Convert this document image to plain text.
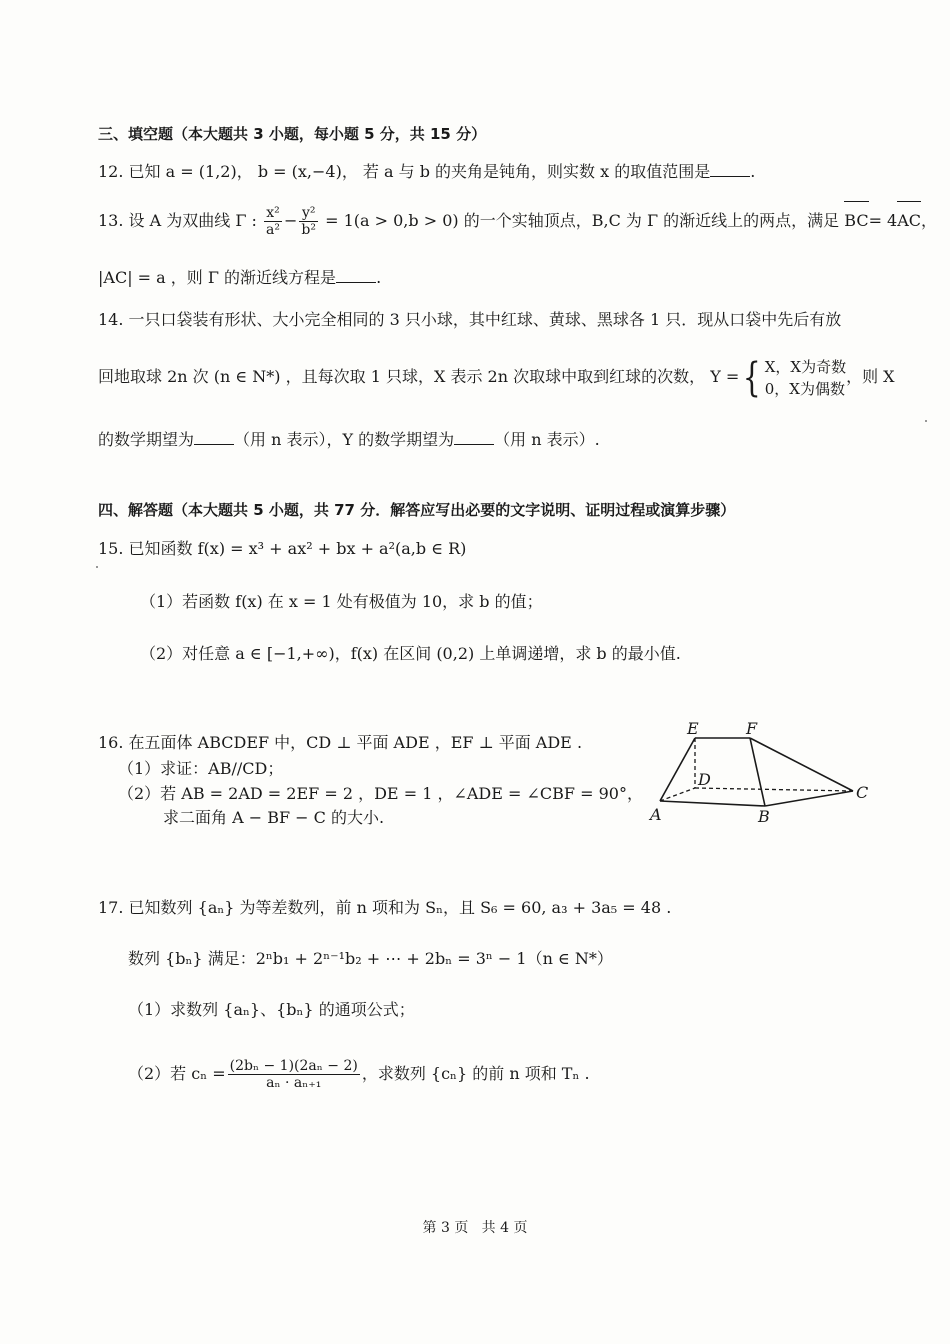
三、填空题（本大题共 3 小题，每小题 5 分，共 15 分）
12. 已知 a = (1,2)， b = (x,−4)， 若 a 与 b 的夹角是钝角，则实数 x 的取值范围是	.
13. 设 A 为双曲线 Γ : $\frac{\text{x²}}{\text{a²}} - \frac{\text{y²}}{\text{b²}} = 1(a > 0,b > 0)$ 的一个实轴顶点，B,C 为 Γ 的渐近线上的两点，满足 BC= 4AC，
|AC| = a ，则 Γ 的渐近线方程是	.
14. 一只口袋装有形状、大小完全相同的 3 只小球，其中红球、黄球、黑球各 1 只．现从口袋中先后有放
回地取球 2n 次 (n ∈ N*) ，且每次取 1 只球，X 表示 2n 次取球中取到红球的次数， Y ={ X，X为奇数
0，X为偶数
，则 X
的数学期望为	（用 n 表示），Y 的数学期望为	（用 n 表示）.
四、解答题（本大题共 5 小题，共 77 分．解答应写出必要的文字说明、证明过程或演算步骤）
15. 已知函数 f(x) = x³ + ax² + bx + a²(a,b ∈ R)
（1）若函数 f(x) 在 x = 1 处有极值为 10，求 b 的值；
（2）对任意 a ∈ [−1,+∞)，f(x) 在区间 (0,2) 上单调递增，求 b 的最小值.
16. 在五面体 ABCDEF 中，CD ⊥ 平面 ADE ，EF ⊥ 平面 ADE .
（1）求证：AB//CD；
（2）若 AB = 2AD = 2EF = 2 ，DE = 1 ，∠ADE = ∠CBF = 90°，
求二面角 A − BF − C 的大小.
E	F
D
A	B
C
17. 已知数列 {aₙ} 为等差数列，前 n 项和为 Sₙ，且 S₆ = 60, a₃ + 3a₅ = 48 .
数列 {bₙ} 满足：2ⁿb₁ + 2ⁿ⁻¹b₂ + ⋯ + 2bₙ = 3ⁿ − 1（n ∈ N*）
（1）求数列 {aₙ}、{bₙ} 的通项公式；
（2）若 $c_n = \frac{\text{(2bₙ − 1)(2aₙ − 2)}}{\text{aₙ · aₙ₊₁}}$ ，求数列 {cₙ} 的前 n 项和 Tₙ .
第 3 页   共 4 页
